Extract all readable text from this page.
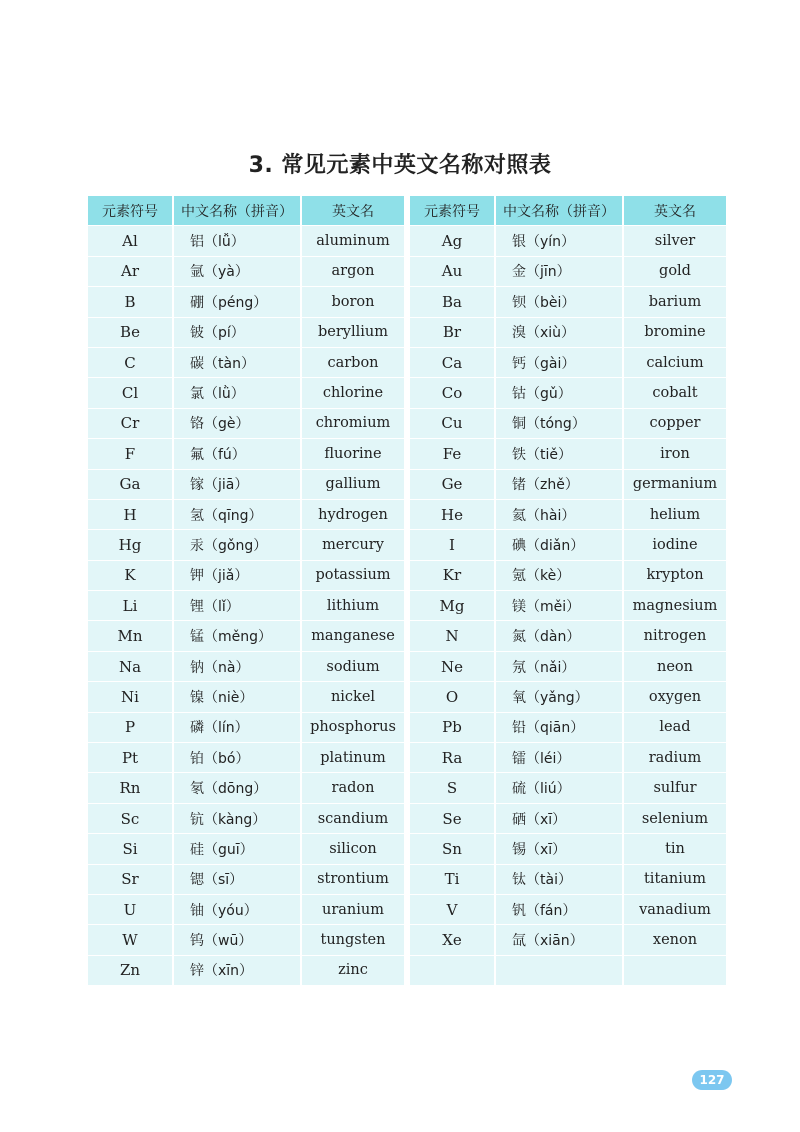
3. 常见元素中英文名称对照表
元素符号	中文名称（拼音）	英文名
Al	铝（lǚ）	aluminum
Ar	氩（yà）	argon
B	硼（péng）	boron
Be	铍（pí）	beryllium
C	碳（tàn）	carbon
Cl	氯（lǜ）	chlorine
Cr	铬（gè）	chromium
F	氟（fú）	fluorine
Ga	镓（jiā）	gallium
H	氢（qīng）	hydrogen
Hg	汞（gǒng）	mercury
K	钾（jiǎ）	potassium
Li	锂（lǐ）	lithium
Mn	锰（měng）	manganese
Na	钠（nà）	sodium
Ni	镍（niè）	nickel
P	磷（lín）	phosphorus
Pt	铂（bó）	platinum
Rn	氡（dōng）	radon
Sc	钪（kàng）	scandium
Si	硅（guī）	silicon
Sr	锶（sī）	strontium
U	铀（yóu）	uranium
W	钨（wū）	tungsten
Zn	锌（xīn）	zinc
元素符号	中文名称（拼音）	英文名
Ag	银（yín）	silver
Au	金（jīn）	gold
Ba	钡（bèi）	barium
Br	溴（xiù）	bromine
Ca	钙（gài）	calcium
Co	钴（gǔ）	cobalt
Cu	铜（tóng）	copper
Fe	铁（tiě）	iron
Ge	锗（zhě）	germanium
He	氦（hài）	helium
I	碘（diǎn）	iodine
Kr	氪（kè）	krypton
Mg	镁（měi）	magnesium
N	氮（dàn）	nitrogen
Ne	氖（nǎi）	neon
O	氧（yǎng）	oxygen
Pb	铅（qiān）	lead
Ra	镭（léi）	radium
S	硫（liú）	sulfur
Se	硒（xī）	selenium
Sn	锡（xī）	tin
Ti	钛（tài）	titanium
V	钒（fán）	vanadium
Xe	氙（xiān）	xenon
127
